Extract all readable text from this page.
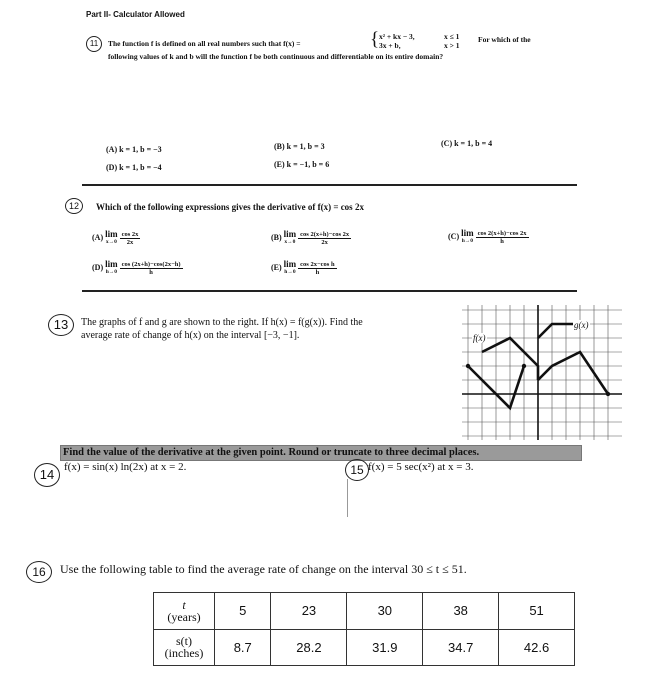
Part II- Calculator Allowed
11	The function f is defined on all real numbers such that f(x) =	{ x² + kx − 3,
3x + b,
x ≤ 1
x > 1
For which of the
following values of k and b will the function f be both continuous and differentiable on its entire domain?
(A) k = 1, b = −3	(B) k = 1, b = 3	(C) k = 1, b = 4
(D) k = 1, b = −4	(E) k = −1, b = 6
12	Which of the following expressions gives the derivative of f(x) = cos 2x
(A) lim
x→0
$\frac{\cos 2x}{2x}$	(B) lim
x→0
$\frac{\cos 2(x+h)-\cos 2x}{2x}$	(C) lim
h→0
$\frac{\cos 2(x+h)-\cos 2x}{h}$
(D) lim
h→0
$\frac{\cos (2x+h)-\cos(2x-h)}{h}$	(E) lim
h→0
$\frac{\text{cos 2x−cos h}}{h}$
13	The graphs of f and g are shown to the right. If h(x) = f(g(x)). Find the
average rate of change of h(x) on the interval [−3, −1].	f(x)
g(x)
Find the value of the derivative at the given point. Round or truncate to three decimal places.
14 f(x) = sin(x) ln(2x) at x = 2.	15 f(x) = 5 sec(x²) at x = 3.
16	Use the following table to find the average rate of change on the interval 30 ≤ t ≤ 51.
t
(years)	5	23	30	38	51

s(t)
(inches)	8.7	28.2	31.9	34.7	42.6
